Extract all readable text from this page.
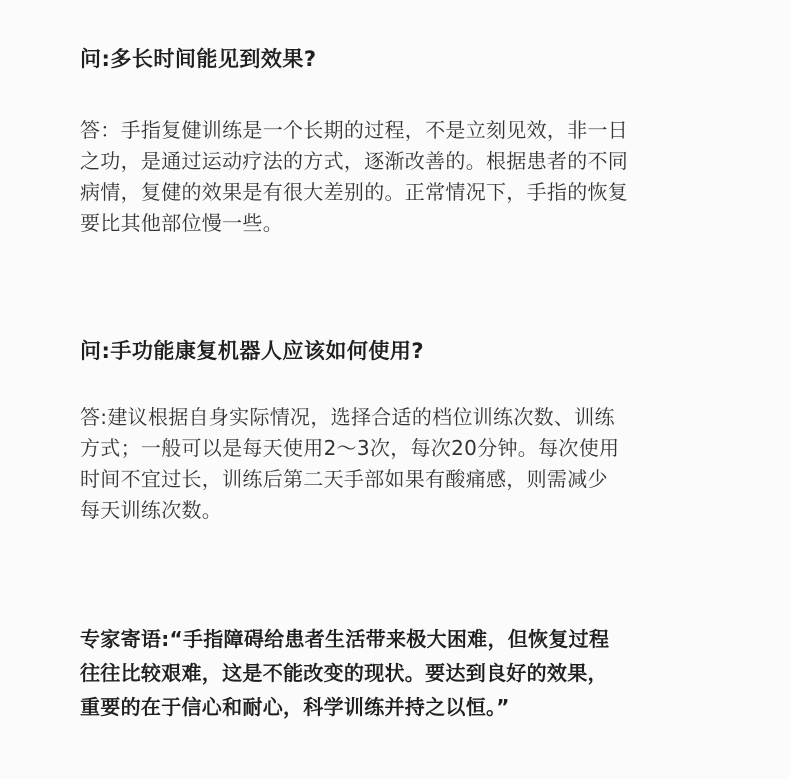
问:多长时间能见到效果?
答：手指复健训练是一个长期的过程，不是立刻见效，非一日
之功，是通过运动疗法的方式，逐渐改善的。根据患者的不同
病情，复健的效果是有很大差别的。正常情况下，手指的恢复
要比其他部位慢一些。
问:手功能康复机器人应该如何使用?
答:建议根据自身实际情况，选择合适的档位训练次数、训练
方式；一般可以是每天使用2～3次，每次20分钟。每次使用
时间不宜过长，训练后第二天手部如果有酸痛感，则需减少
每天训练次数。
专家寄语:“手指障碍给患者生活带来极大困难，但恢复过程
往往比较艰难，这是不能改变的现状。要达到良好的效果，
重要的在于信心和耐心，科学训练并持之以恒。”
